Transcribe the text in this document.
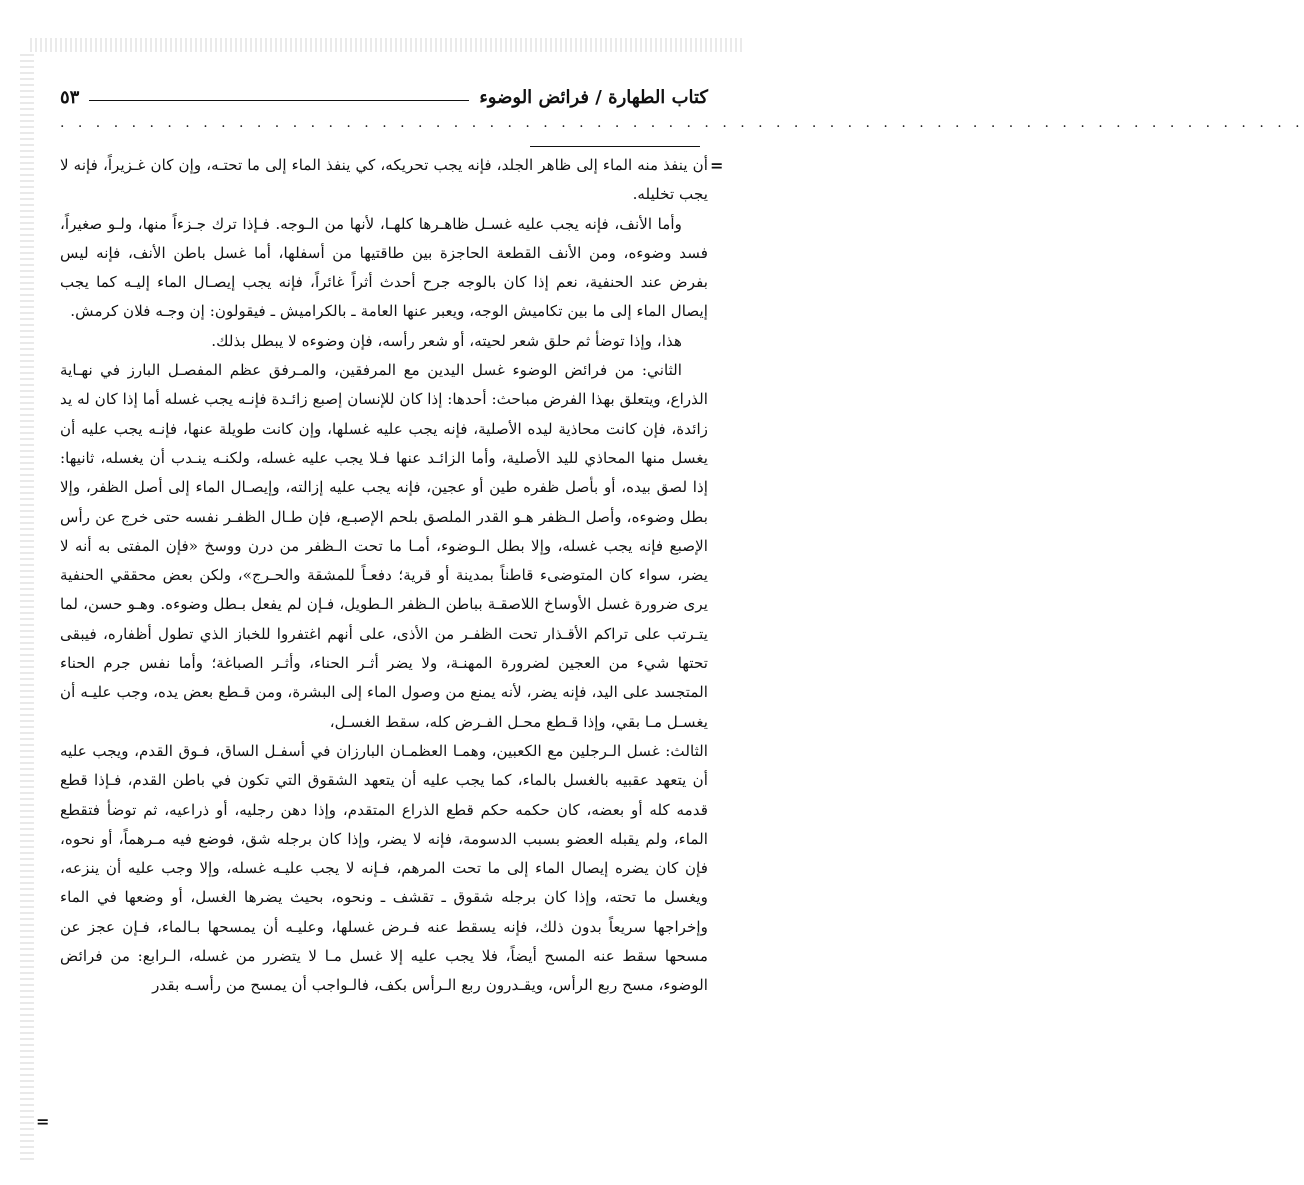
كتاب الطهارة / فرائض الوضوء
٥٣
. . . . . . . . . . . . . . . . . . . . . . . . . . . . . . . . . . . . . . . . . . . . . . . . . . . . . . . . . . . . . . . . . . . . . .
=
=

أن ينفذ منه الماء إلى ظاهر الجلد، فإنه يجب تحريكه، كي ينفذ الماء إلى ما تحتـه، وإن كان غـزيراً، فإنه لا يجب تخليله.

وأما الأنف، فإنه يجب عليه غسـل ظاهـرها كلهـا، لأنها من الـوجه. فـإذا ترك جـزءاً منها، ولـو صغيراً، فسد وضوءه، ومن الأنف القطعة الحاجزة بين طاقتيها من أسفلها، أما غسل باطن الأنف، فإنه ليس بفرض عند الحنفية، نعم إذا كان بالوجه جرح أحدث أثراً غائراً، فإنه يجب إيصـال الماء إليـه كما يجب إيصال الماء إلى ما بين تكاميش الوجه، ويعبر عنها العامة ـ بالكراميش ـ فيقولون: إن وجـه فلان كرمش.

هذا، وإذا توضأ ثم حلق شعر لحيته، أو شعر رأسه، فإن وضوءه لا يبطل بذلك.

الثاني: من فرائض الوضوء غسل اليدين مع المرفقين، والمـرفق عظم المفصـل البارز في نهـاية الذراع، ويتعلق بهذا الفرض مباحث: أحدها: إذا كان للإنسان إصبع زائـدة فإنـه يجب غسله أما إذا كان له يد زائدة، فإن كانت محاذية ليده الأصلية، فإنه يجب عليه غسلها، وإن كانت طويلة عنها، فإنـه يجب عليه أن يغسل منها المحاذي لليد الأصلية، وأما الزائـد عنها فـلا يجب عليه غسله، ولكنـه ينـدب أن يغسله، ثانيها: إذا لصق بيده، أو بأصل ظفره طين أو عجين، فإنه يجب عليه إزالته، وإيصـال الماء إلى أصل الظفر، وإلا بطل وضوءه، وأصل الـظفر هـو القدر الملصق بلحم الإصبـع، فإن طـال الظفـر نفسه حتى خرج عن رأس الإصبع فإنه يجب غسله، وإلا بطل الـوضوء، أمـا ما تحت الـظفر من درن ووسخ «فإن المفتى به أنه لا يضر، سواء كان المتوضىء قاطناً بمدينة أو قرية؛ دفعـاً للمشقة والحـرج»، ولكن بعض محققي الحنفية يرى ضرورة غسل الأوساخ اللاصقـة بباطن الـظفر الـطويل، فـإن لم يفعل بـطل وضوءه. وهـو حسن، لما يتـرتب على تراكم الأقـذار تحت الظفـر من الأذى، على أنهم اغتفروا للخباز الذي تطول أظفاره، فيبقى تحتها شيء من العجين لضرورة المهنـة، ولا يضر أثـر الحناء، وأثـر الصباغة؛ وأما نفس جرم الحناء المتجسد على اليد، فإنه يضر، لأنه يمنع من وصول الماء إلى البشرة، ومن قـطع بعض يده، وجب عليـه أن يغسـل مـا بقي، وإذا قـطع محـل الفـرض كله، سقط الغسـل،

الثالث: غسل الـرجلين مع الكعبين، وهمـا العظمـان البارزان في أسفـل الساق، فـوق القدم، ويجب عليه أن يتعهد عقبيه بالغسل بالماء، كما يجب عليه أن يتعهد الشقوق التي تكون في باطن القدم، فـإذا قطع قدمه كله أو بعضه، كان حكمه حكم قطع الذراع المتقدم، وإذا دهن رجليه، أو ذراعيه، ثم توضأ فتقطع الماء، ولم يقبله العضو بسبب الدسومة، فإنه لا يضر، وإذا كان برجله شق، فوضع فيه مـرهماً، أو نحوه، فإن كان يضره إيصال الماء إلى ما تحت المرهم، فـإنه لا يجب عليـه غسله، وإلا وجب عليه أن ينزعه، ويغسل ما تحته، وإذا كان برجله شقوق ـ تقشف ـ ونحوه، بحيث يضرها الغسل، أو وضعها في الماء وإخراجها سريعاً بدون ذلك، فإنه يسقط عنه فـرض غسلها، وعليـه أن يمسحها بـالماء، فـإن عجز عن مسحها سقط عنه المسح أيضاً، فلا يجب عليه إلا غسل مـا لا يتضرر من غسله، الـرابع: من فرائض الوضوء، مسح ربع الرأس، ويقـدرون ربع الـرأس بكف، فالـواجب أن يمسح من رأسـه بقدر
